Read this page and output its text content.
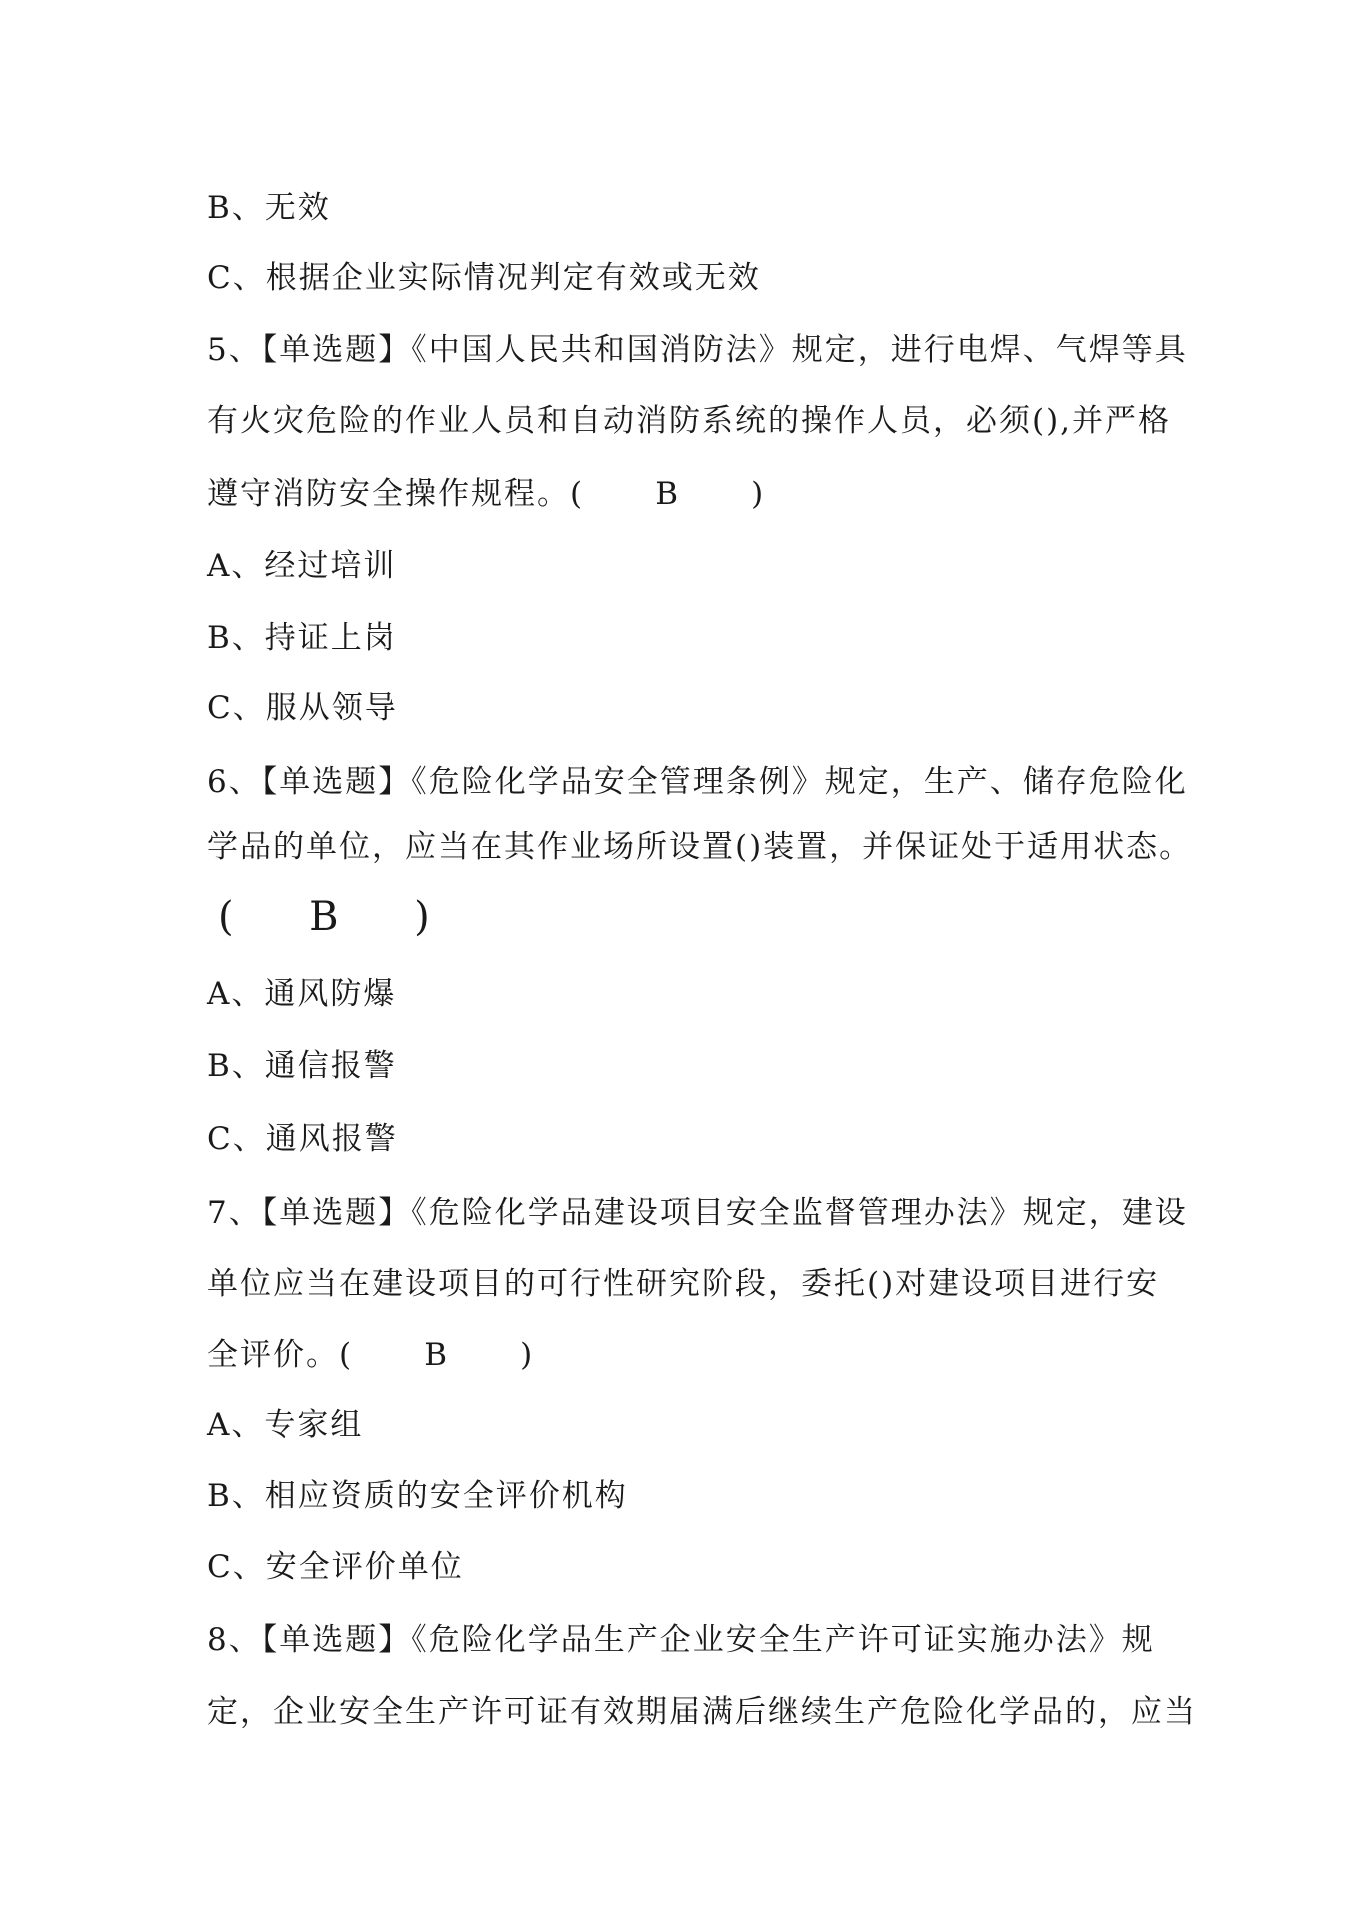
B、无效
C、根据企业实际情况判定有效或无效
5、【单选题】《中国人民共和国消防法》规定，进行电焊、气焊等具
有火灾危险的作业人员和自动消防系统的操作人员，必须(),并严格
遵守消防安全操作规程。(      B      )
A、经过培训
B、持证上岗
C、服从领导
6、【单选题】《危险化学品安全管理条例》规定，生产、储存危险化
学品的单位，应当在其作业场所设置()装置，并保证处于适用状态。
(     B     )
A、通风防爆
B、通信报警
C、通风报警
7、【单选题】《危险化学品建设项目安全监督管理办法》规定，建设
单位应当在建设项目的可行性研究阶段，委托()对建设项目进行安
全评价。(      B      )
A、专家组
B、相应资质的安全评价机构
C、安全评价单位
8、【单选题】《危险化学品生产企业安全生产许可证实施办法》规
定，企业安全生产许可证有效期届满后继续生产危险化学品的，应当
